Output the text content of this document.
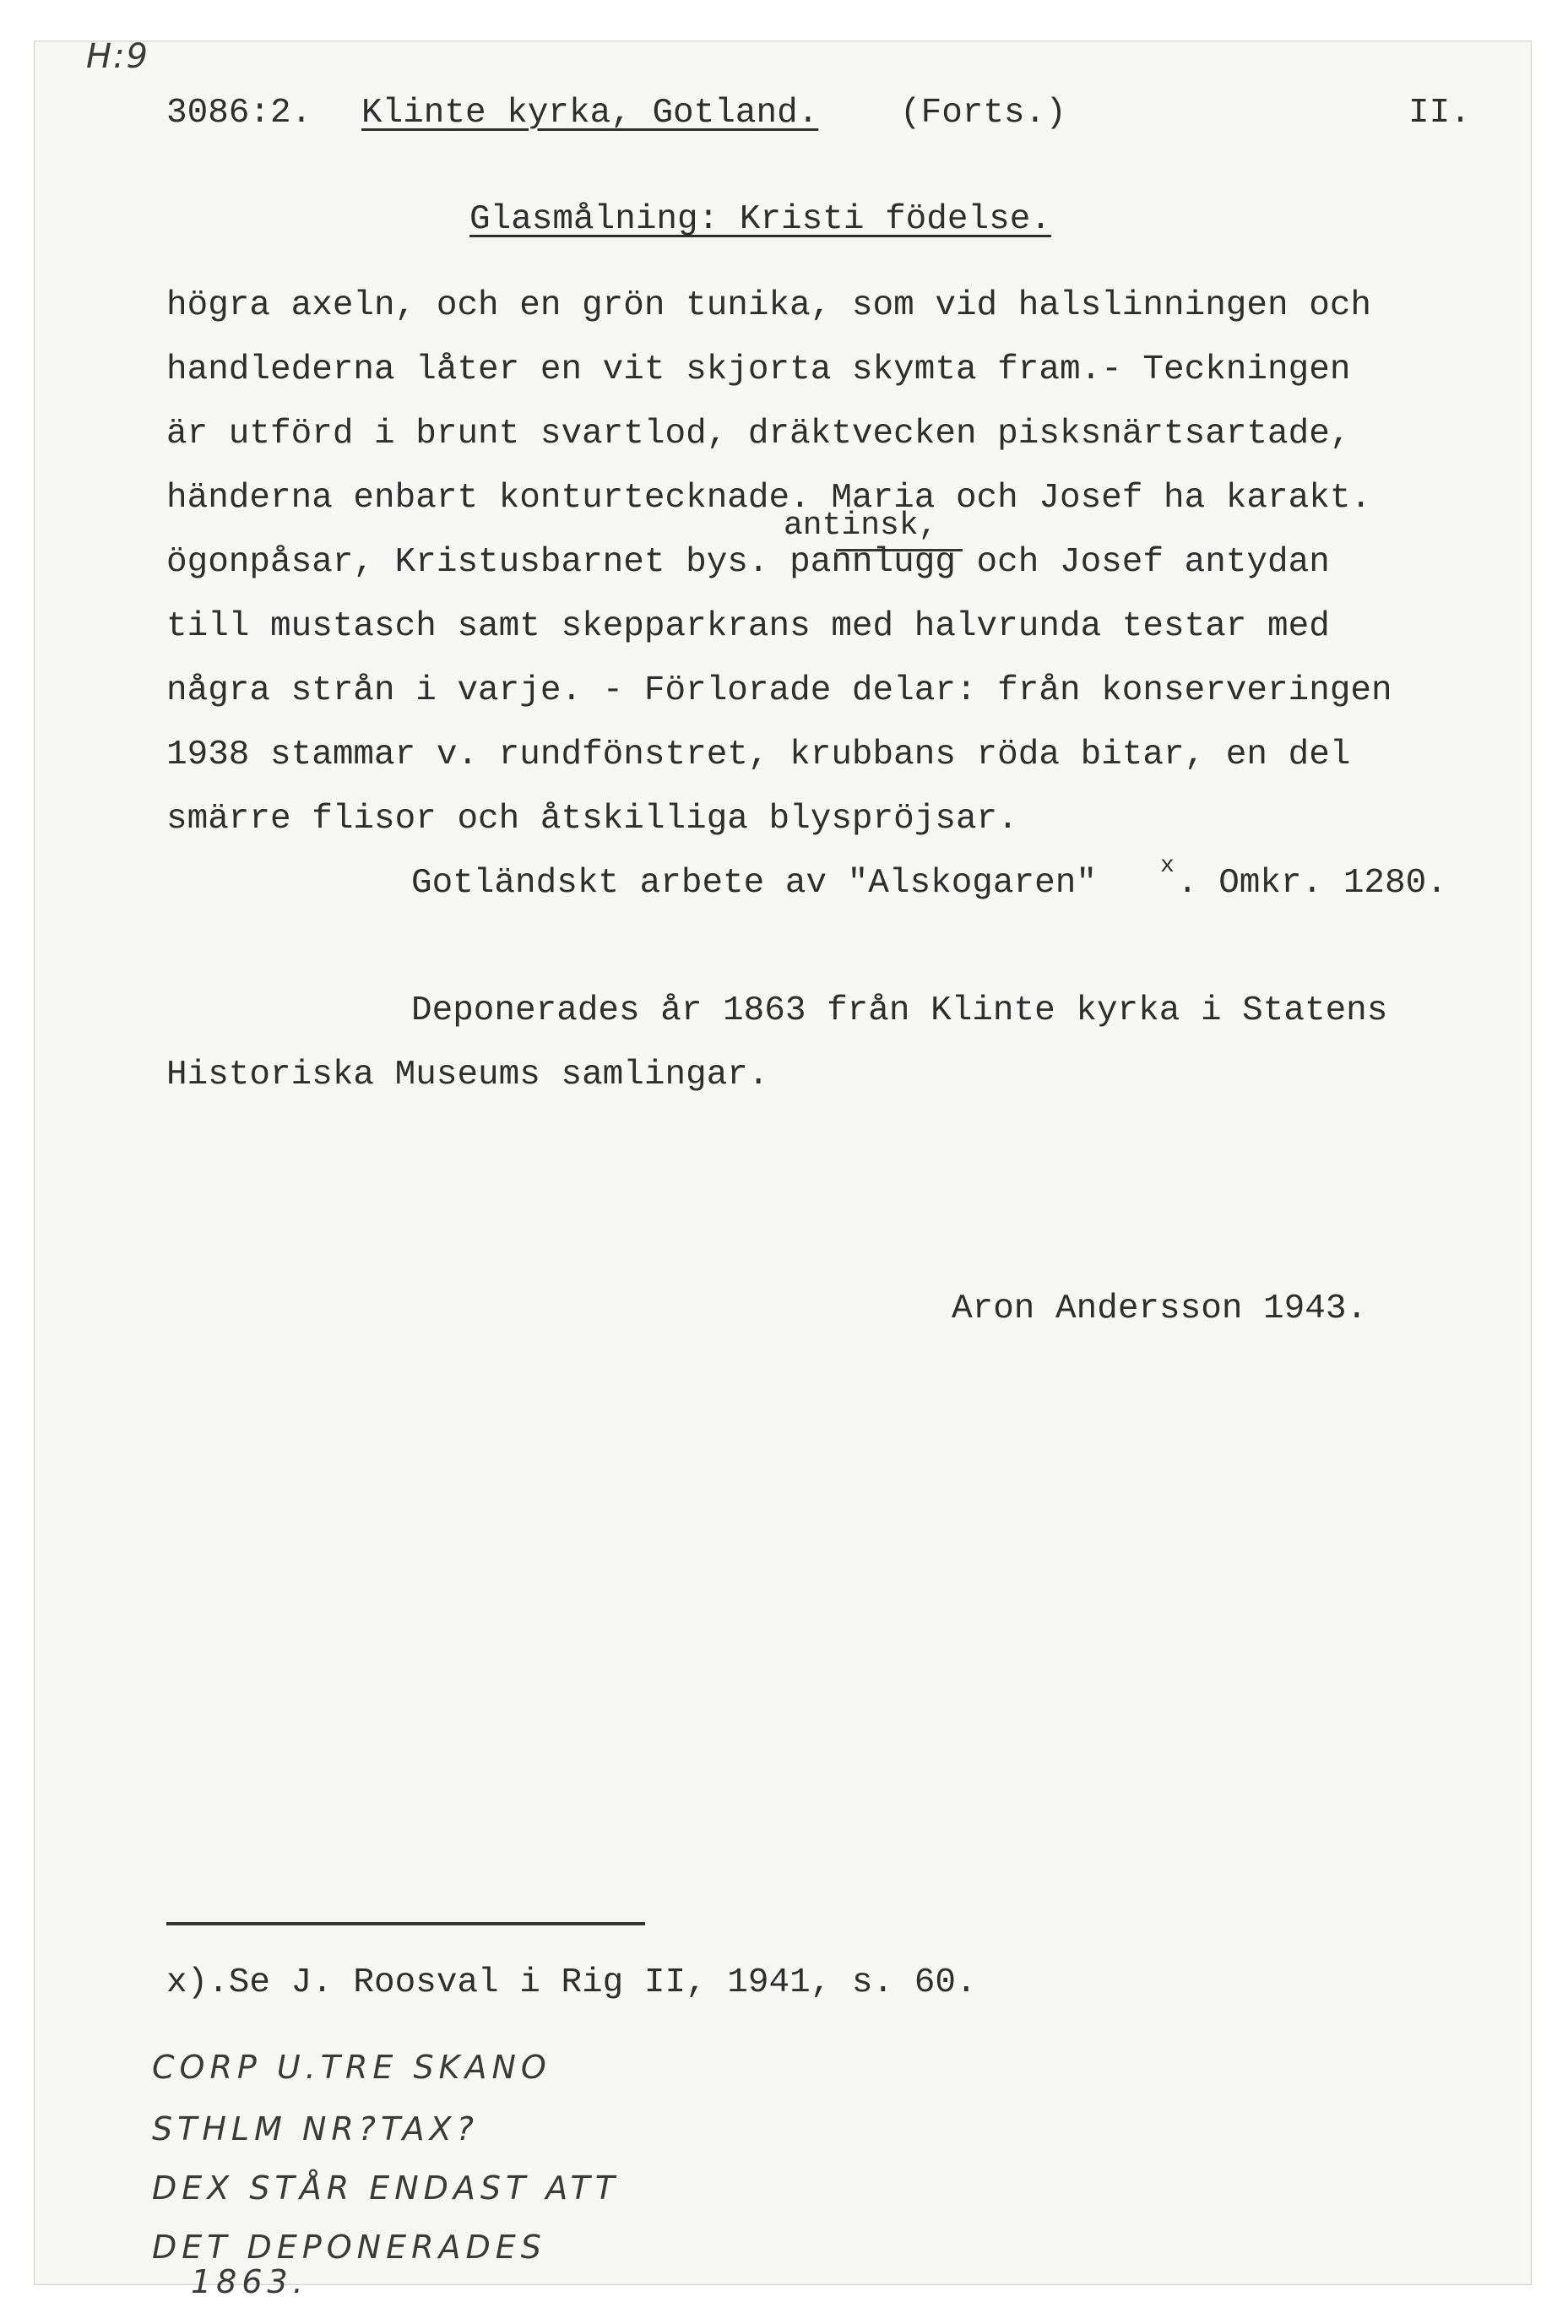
H:9
3086:2. Klinte kyrka, Gotland. (Forts.)	II.
Glasmålning: Kristi födelse.
högra axeln, och en grön tunika, som vid halslinningen och
handlederna låter en vit skjorta skymta fram.- Teckningen
är utförd i brunt svartlod, dräktvecken pisksnärtsartade,
händerna enbart konturtecknade. Maria och Josef ha karakt.
antinsk,
ögonpåsar, Kristusbarnet bys. pannlugg och Josef antydan
till mustasch samt skepparkrans med halvrunda testar med
några strån i varje. - Förlorade delar: från konserveringen
1938 stammar v. rundfönstret, krubbans röda bitar, en del
smärre flisor och åtskilliga blyspröjsar.
Gotländskt arbete av "Alskogaren"	x . Omkr. 1280.
Deponerades år 1863 från Klinte kyrka i Statens
Historiska Museums samlingar.
Aron Andersson 1943.
x).Se J. Roosval i Rig II, 1941, s. 60.
CORP U.TRE SKANO
STHLM NR?TAX?
DEX STÅR ENDAST ATT
DET DEPONERADES
1863.
